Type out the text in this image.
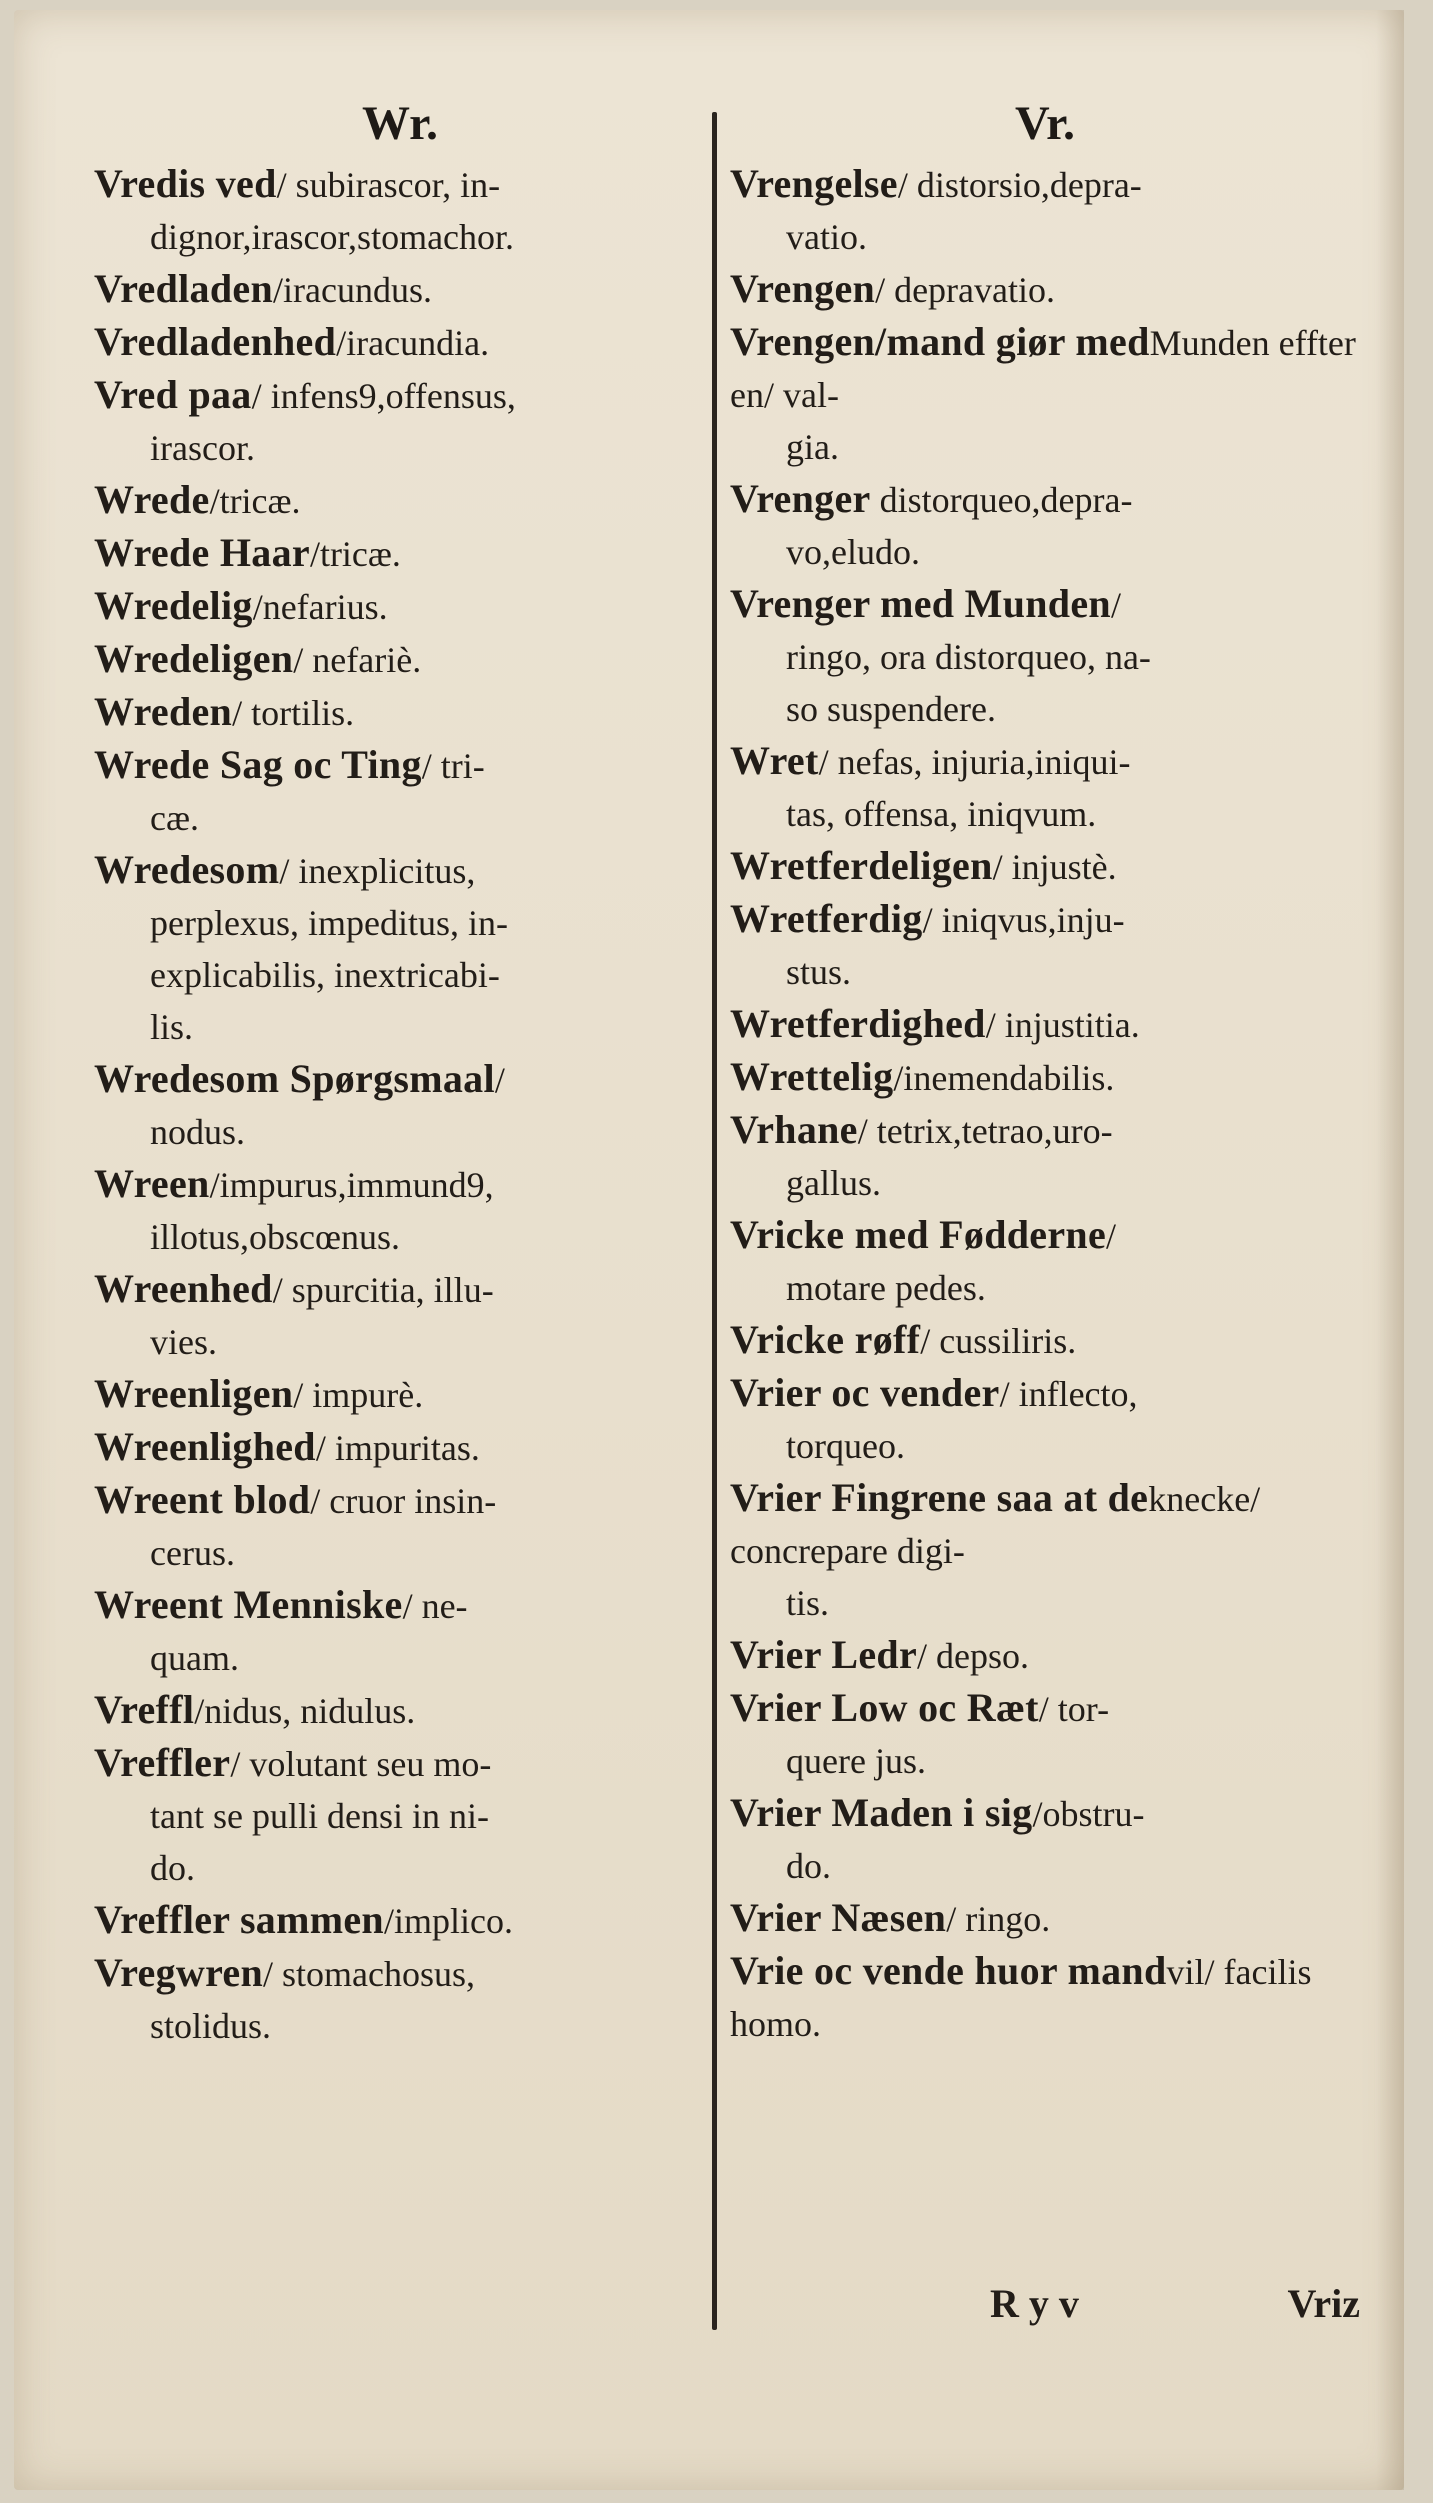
Wr.
Vredis ved/ subirascor, in-
dignor,irascor,stomachor.
Vredladen/iracundus.
Vredladenhed/iracundia.
Vred paa/ infens9,offensus,
irascor.
Wrede/tricæ.
Wrede Haar/tricæ.
Wredelig/nefarius.
Wredeligen/ nefariè.
Wreden/ tortilis.
Wrede Sag oc Ting/ tri-
cæ.
Wredesom/ inexplicitus,
perplexus, impeditus, in-
explicabilis, inextricabi-
lis.
Wredesom Spørgsmaal/
nodus.
Wreen/impurus,immund9,
illotus,obscœnus.
Wreenhed/ spurcitia, illu-
vies.
Wreenligen/ impurè.
Wreenlighed/ impuritas.
Wreent blod/ cruor insin-
cerus.
Wreent Menniske/ ne-
quam.
Vreffl/nidus, nidulus.
Vreffler/ volutant seu mo-
tant se pulli densi in ni-
do.
Vreffler sammen/implico.
Vregwren/ stomachosus,
stolidus.
Vr.
Vrengelse/ distorsio,depra-
vatio.
Vrengen/ depravatio.
Vrengen/mand giør medMunden effter en/ val-
gia.
Vrenger distorqueo,depra-
vo,eludo.
Vrenger med Munden/
ringo, ora distorqueo, na-
so suspendere.
Wret/ nefas, injuria,iniqui-
tas, offensa, iniqvum.
Wretferdeligen/ injustè.
Wretferdig/ iniqvus,inju-
stus.
Wretferdighed/ injustitia.
Wrettelig/inemendabilis.
Vrhane/ tetrix,tetrao,uro-
gallus.
Vricke med Fødderne/
motare pedes.
Vricke røff/ cussiliris.
Vrier oc vender/ inflecto,
torqueo.
Vrier Fingrene saa at deknecke/ concrepare digi-
tis.
Vrier Ledr/ depso.
Vrier Low oc Ræt/ tor-
quere jus.
Vrier Maden i sig/obstru-
do.
Vrier Næsen/ ringo.
Vrie oc vende huor mandvil/ facilis homo.
R y v	Vriz
